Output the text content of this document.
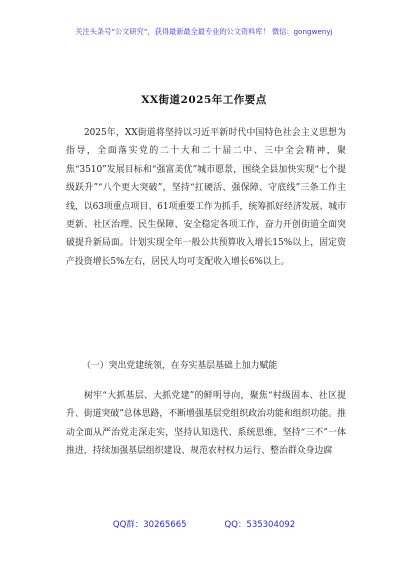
关注头条号“公文研究”，获得最新最全最专业的公文资料库！ 微信：gongwenyj
XX街道2025年工作要点
2025年，XX街道将坚持以习近平新时代中国特色社会主义思想为指导，全面落实党的二十大和二十届二中、三中全会精神，聚焦“3510”发展目标和“强富美优”城市愿景，围绕全县加快实现“七个提级跃升”“八个更大突破”，坚持“扛硬活、强保障、守底线”三条工作主线，以63项重点项目、61项重要工作为抓手，统筹抓好经济发展、城市更新、社区治理、民生保障、安全稳定各项工作，奋力开创街道全面突破提升新局面。计划实现全年一般公共预算收入增长15%以上，固定资产投资增长5%左右，居民人均可支配收入增长6%以上。
（一）突出党建统领，在夯实基层基础上加力赋能
树牢“大抓基层、大抓党建”的鲜明导向，聚焦“村级固本、社区提升、街道突破”总体思路，不断增强基层党组织政治功能和组织功能。推动全面从严治党走深走实，坚持认知迭代、系统思维，坚持“三不”一体推进，持续加强基层组织建设、规范农村权力运行、整治群众身边腐
QQ群：30265665	QQ：535304092
